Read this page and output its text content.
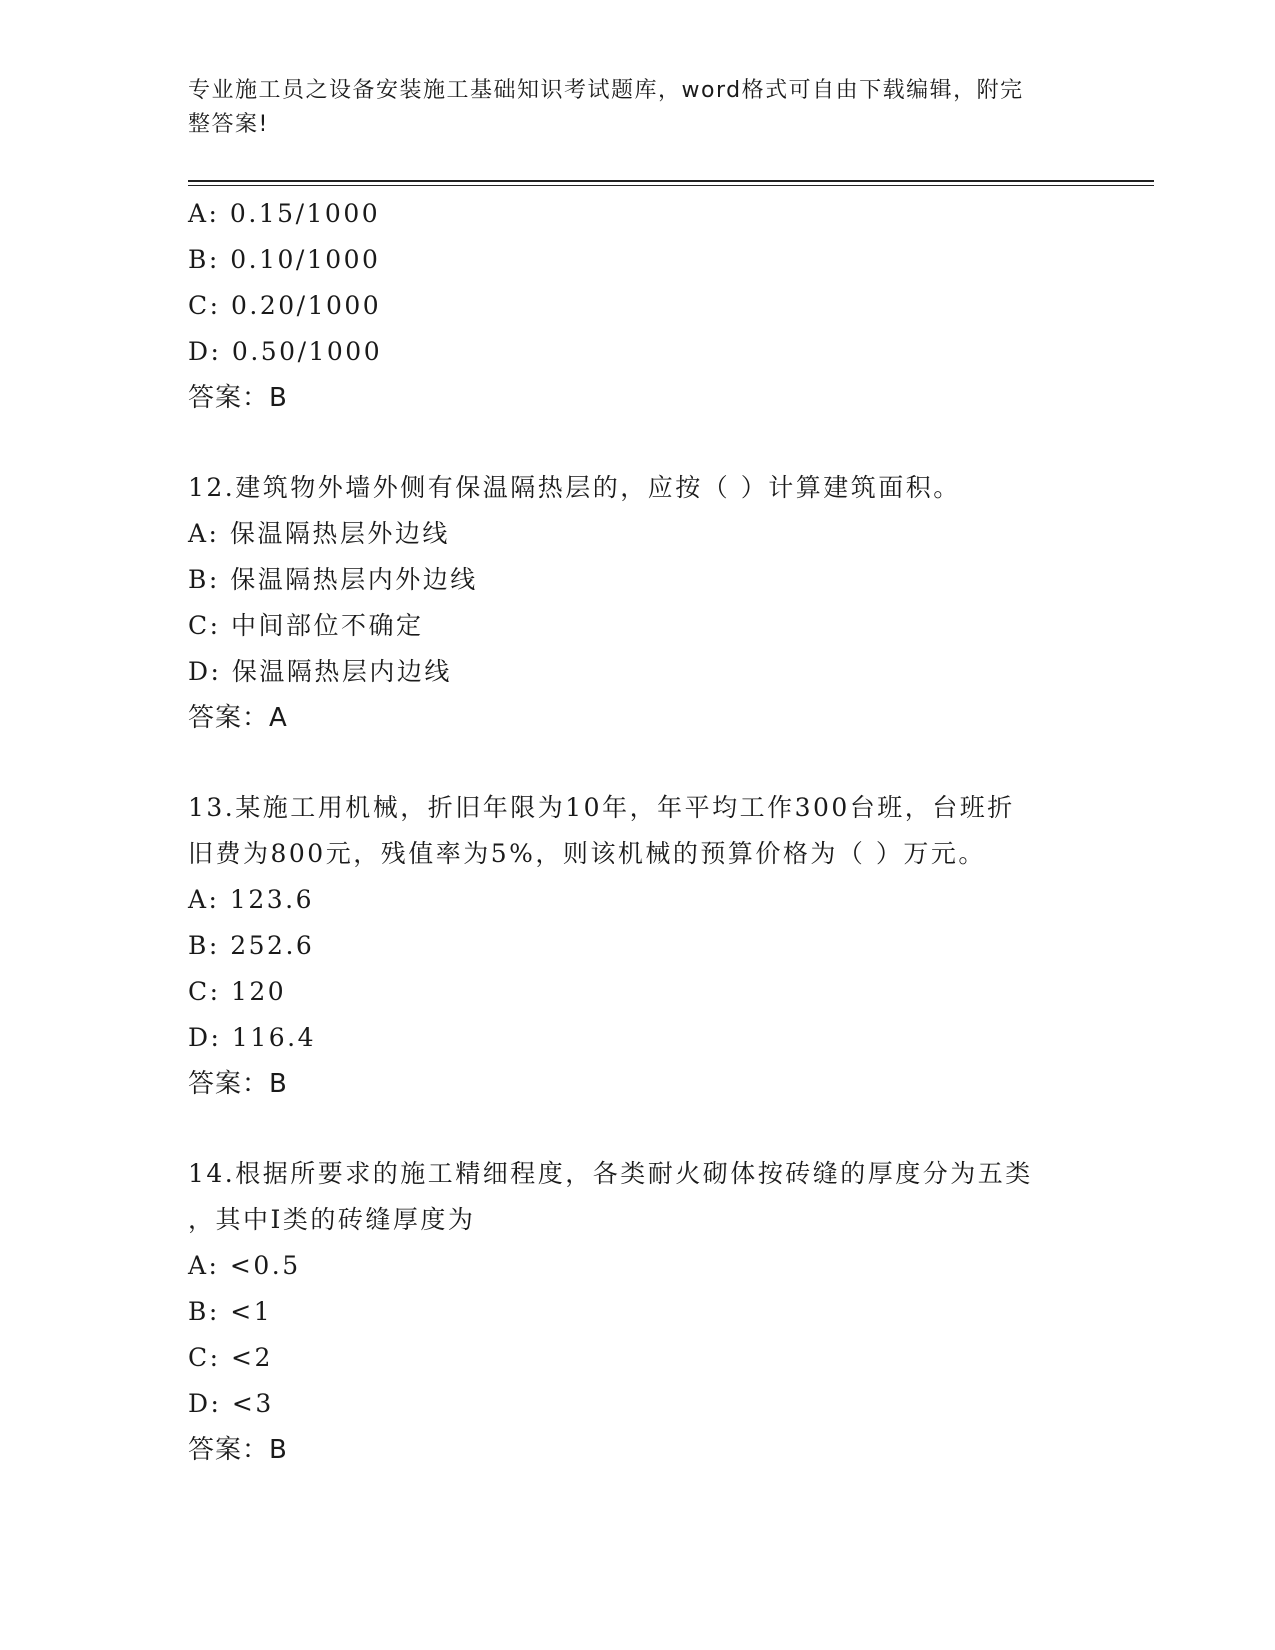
专业施工员之设备安装施工基础知识考试题库，word格式可自由下载编辑，附完
整答案!
A: 0.15/1000
B: 0.10/1000
C: 0.20/1000
D: 0.50/1000
答案：B
12.建筑物外墙外侧有保温隔热层的，应按（ ）计算建筑面积。
A: 保温隔热层外边线
B: 保温隔热层内外边线
C: 中间部位不确定
D: 保温隔热层内边线
答案：A
13.某施工用机械，折旧年限为10年，年平均工作300台班，台班折
旧费为800元，残值率为5%，则该机械的预算价格为（ ）万元。
A: 123.6
B: 252.6
C: 120
D: 116.4
答案：B
14.根据所要求的施工精细程度，各类耐火砌体按砖缝的厚度分为五类
，其中I类的砖缝厚度为
A: <0.5
B: <1
C: <2
D: <3
答案：B
